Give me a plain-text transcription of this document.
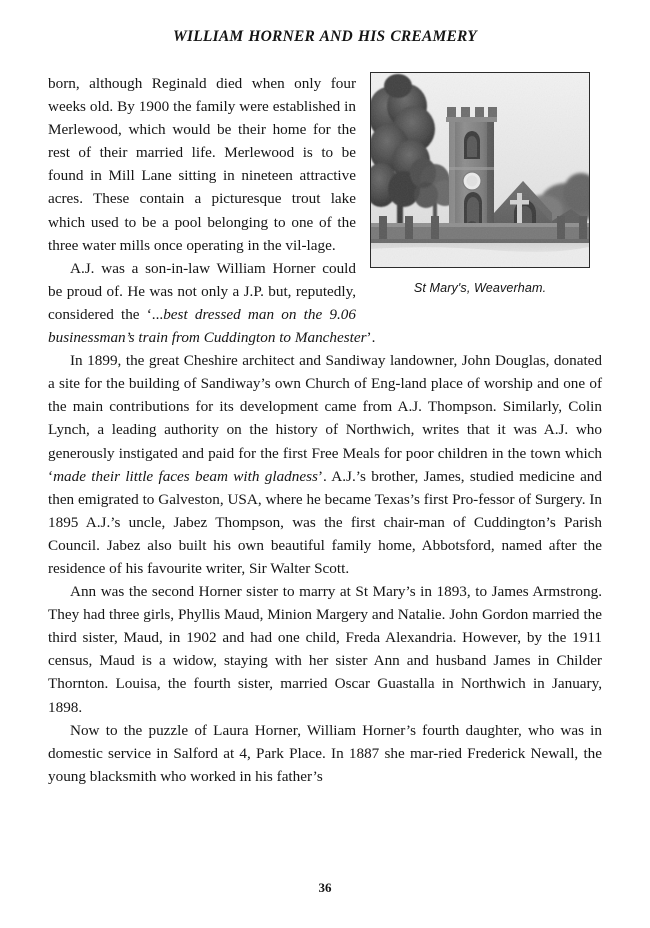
WILLIAM HORNER AND HIS CREAMERY
St Mary's, Weaverham.

born, although Reginald died when only four weeks old. By 1900 the family were established in Merlewood, which would be their home for the rest of their married life. Merlewood is to be found in Mill Lane sitting in nineteen attractive acres. These contain a picturesque trout lake which used to be a pool belonging to one of the three water mills once operating in the vil-lage.

A.J. was a son-in-law William Horner could be proud of. He was not only a J.P. but, reputedly, considered the ‘...best dressed man on the 9.06 businessman’s train from Cuddington to Manchester’.

In 1899, the great Cheshire architect and Sandiway landowner, John Douglas, donated a site for the building of Sandiway’s own Church of Eng-land place of worship and one of the main contributions for its development came from A.J. Thompson. Similarly, Colin Lynch, a leading authority on the history of Northwich, writes that it was A.J. who generously instigated and paid for the first Free Meals for poor children in the town which ‘made their little faces beam with gladness’. A.J.’s brother, James, studied medicine and then emigrated to Galveston, USA, where he became Texas’s first Pro-fessor of Surgery. In 1895 A.J.’s uncle, Jabez Thompson, was the first chair-man of Cuddington’s Parish Council. Jabez also built his own beautiful family home, Abbotsford, named after the residence of his favourite writer, Sir Walter Scott.

Ann was the second Horner sister to marry at St Mary’s in 1893, to James Armstrong. They had three girls, Phyllis Maud, Minion Margery and Natalie. John Gordon married the third sister, Maud, in 1902 and had one child, Freda Alexandria. However, by the 1911 census, Maud is a widow, staying with her sister Ann and husband James in Childer Thornton. Louisa, the fourth sister, married Oscar Guastalla in Northwich in January, 1898.

Now to the puzzle of Laura Horner, William Horner’s fourth daughter, who was in domestic service in Salford at 4, Park Place. In 1887 she mar-ried Frederick Newall, the young blacksmith who worked in his father’s

36
